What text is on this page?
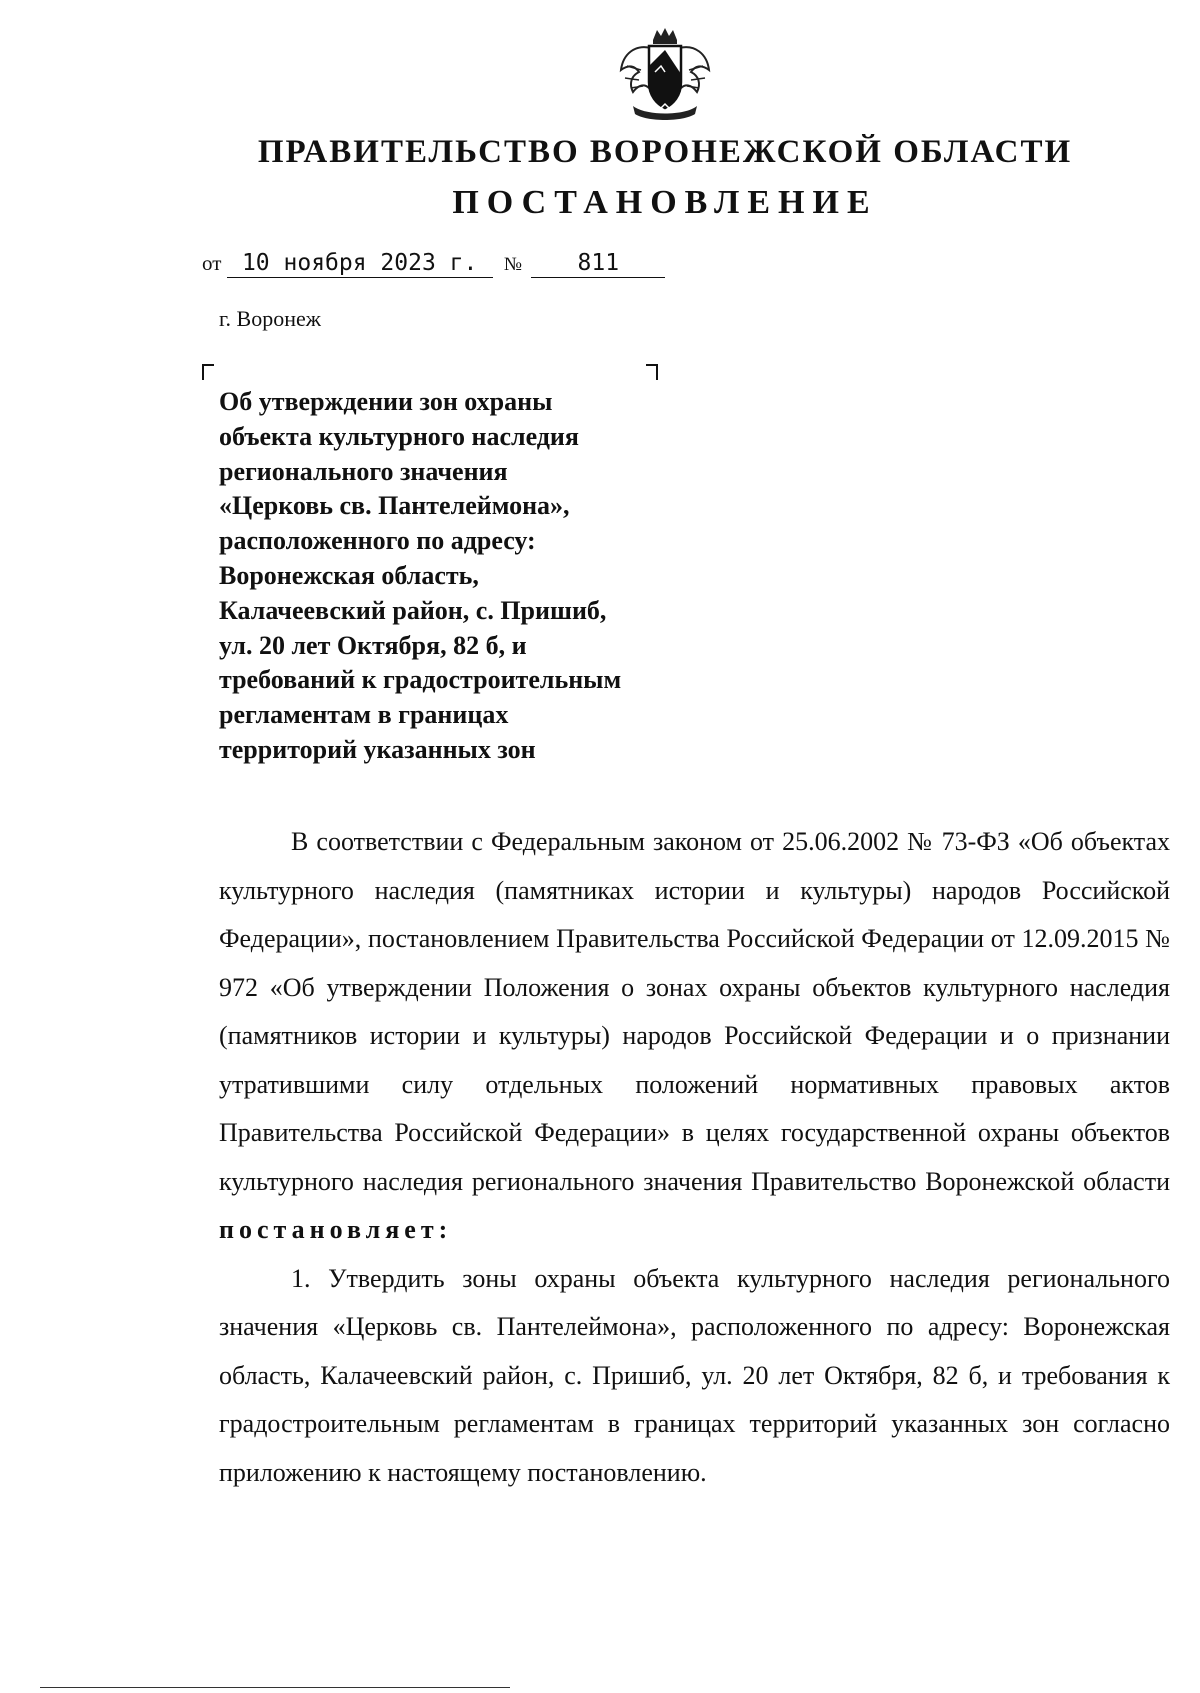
ПРАВИТЕЛЬСТВО ВОРОНЕЖСКОЙ ОБЛАСТИ
ПОСТАНОВЛЕНИЕ
от 10 ноября 2023 г. № 811
г. Воронеж
Об утверждении зон охраны
объекта культурного наследия
регионального значения
«Церковь св. Пантелеймона»,
расположенного по адресу:
Воронежская область,
Калачеевский район, с. Пришиб,
ул. 20 лет Октября, 82 б, и
требований к градостроительным
регламентам в границах
территорий указанных зон

В соответствии с Федеральным законом от 25.06.2002 № 73-ФЗ «Об объектах культурного наследия (памятниках истории и культуры) народов Российской Федерации», постановлением Правительства Российской Федерации от 12.09.2015 № 972 «Об утверждении Положения о зонах охраны объектов культурного наследия (памятников истории и культуры) народов Российской Федерации и о признании утратившими силу отдельных положений нормативных правовых актов Правительства Российской Федерации» в целях государственной охраны объектов культурного наследия регионального значения Правительство Воронежской области постановляет:

1. Утвердить зоны охраны объекта культурного наследия регионального значения «Церковь св. Пантелеймона», расположенного по адресу: Воронежская область, Калачеевский район, с. Пришиб, ул. 20 лет Октября, 82 б, и требования к градостроительным регламентам в границах территорий указанных зон согласно приложению к настоящему постановлению.
